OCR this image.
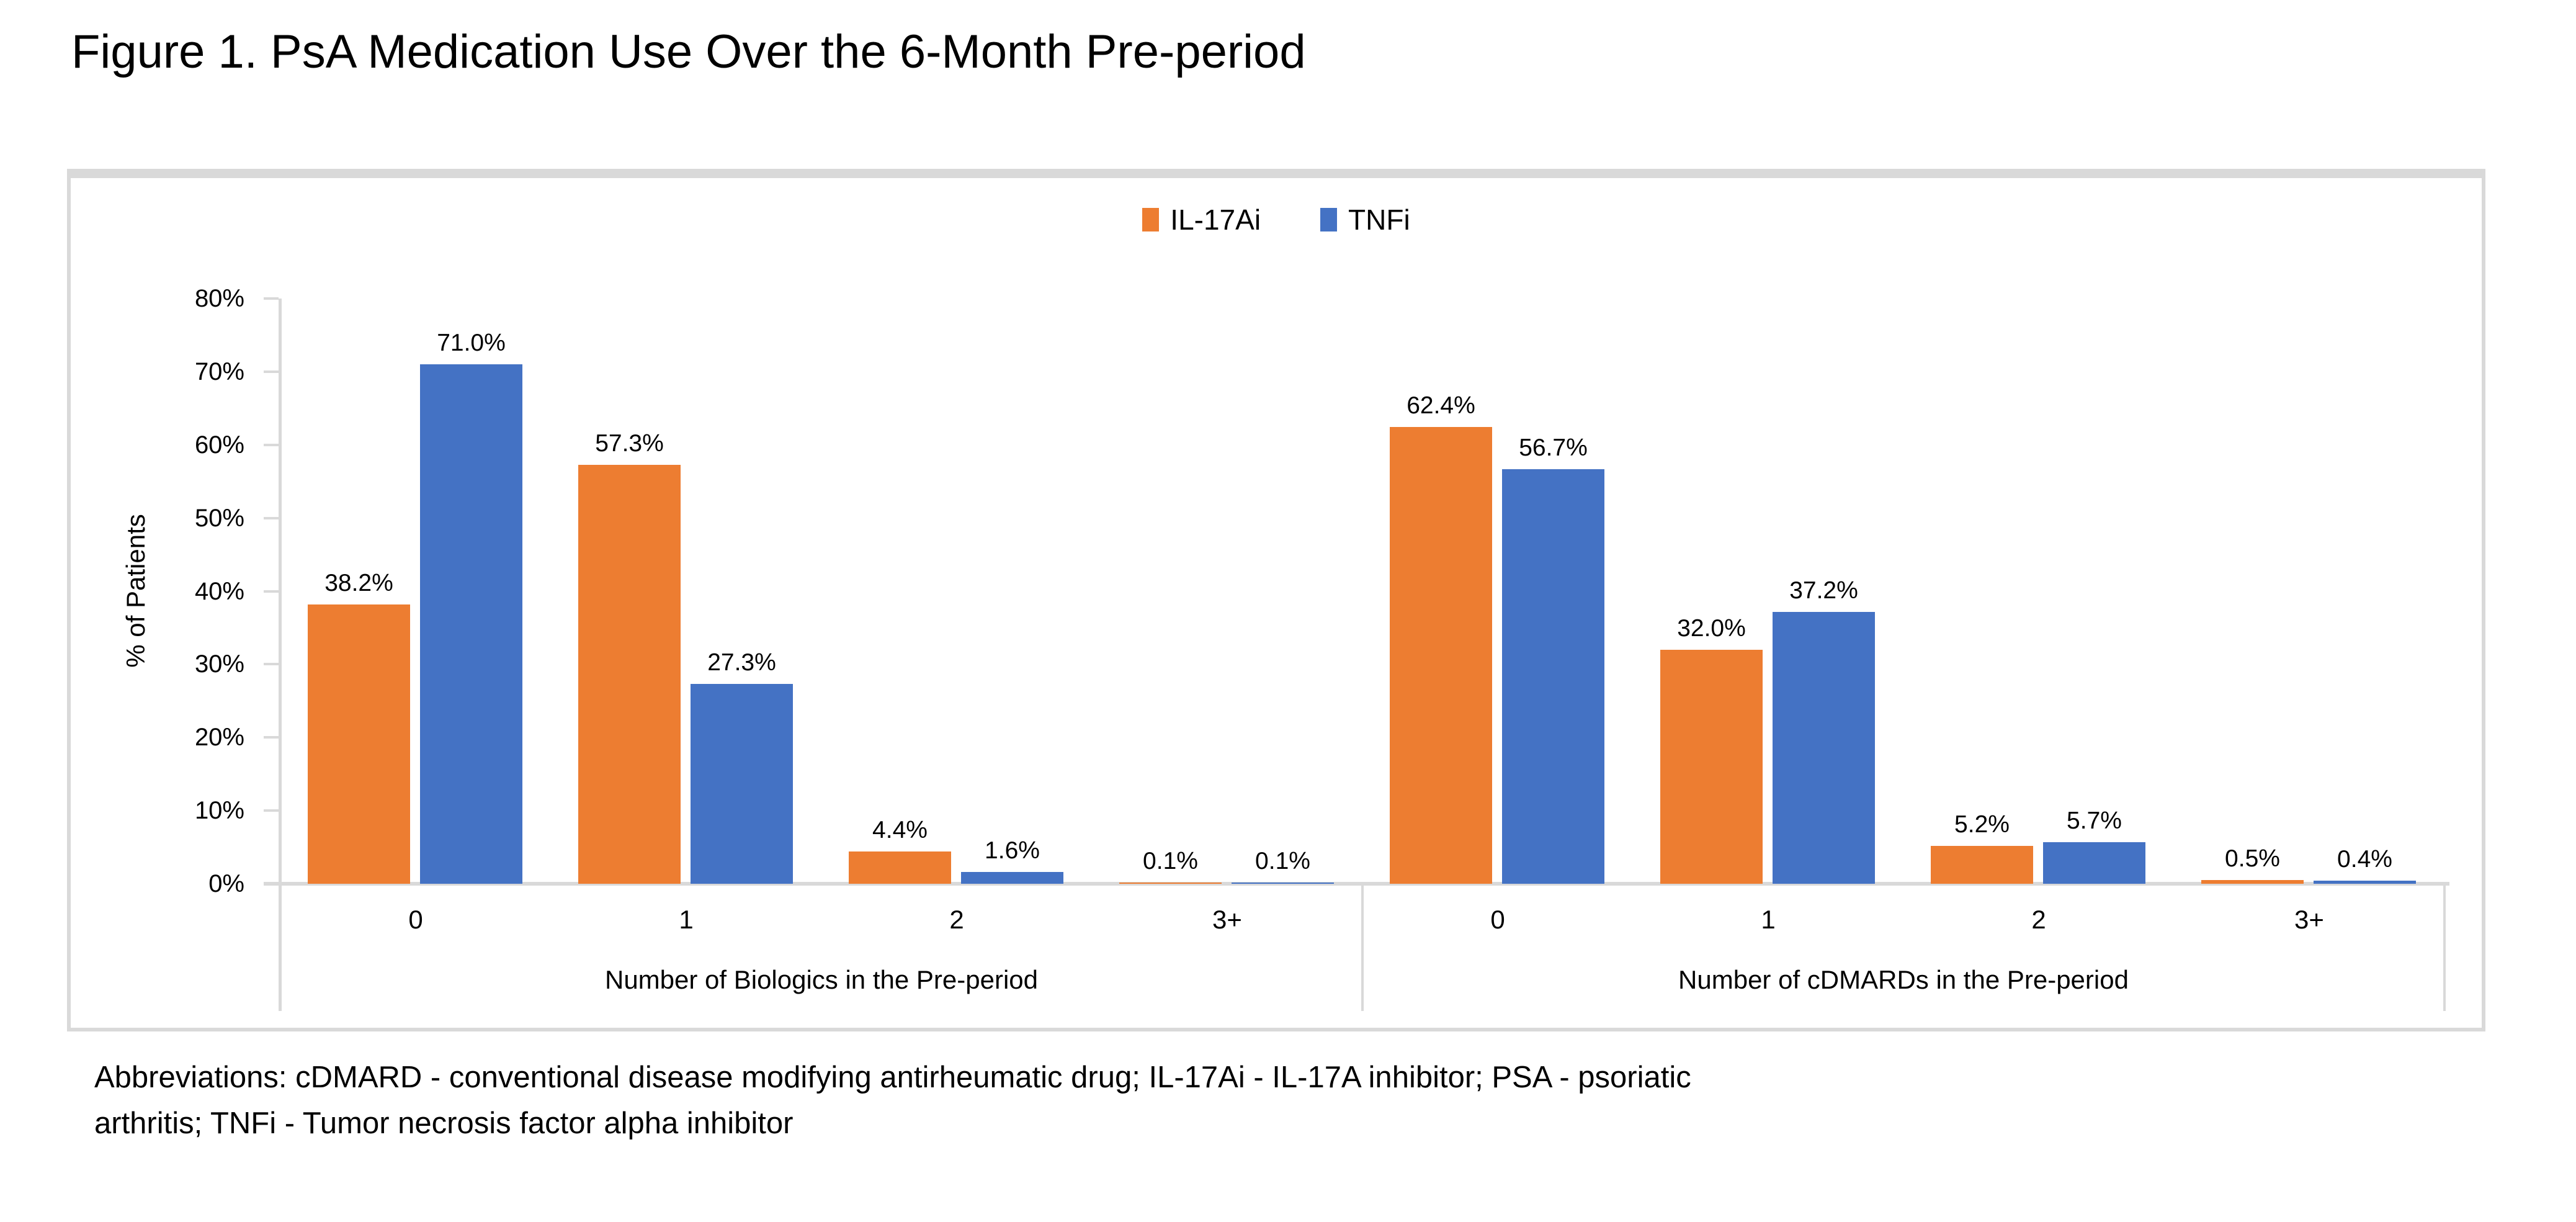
Figure 1. PsA Medication Use Over the 6-Month Pre-period
IL-17Ai	TNFi
% of Patients
80%
70%
60%
50%
40%
30%
20%
10%
0%
38.2%
57.3%
4.4%
0.1%
71.0%
27.3%
1.6%	0.1%
0	1	2	3+
Number of Biologics in the Pre-period
62.4%
32.0%
5.2%
0.5%
56.7%
37.2%
5.7%
0.4%
0	1	2	3+
Number of cDMARDs in the Pre-period
Abbreviations: cDMARD - conventional disease modifying antirheumatic drug; IL-17Ai - IL-17A inhibitor; PSA - psoriatic
arthritis; TNFi - Tumor necrosis factor alpha inhibitor
